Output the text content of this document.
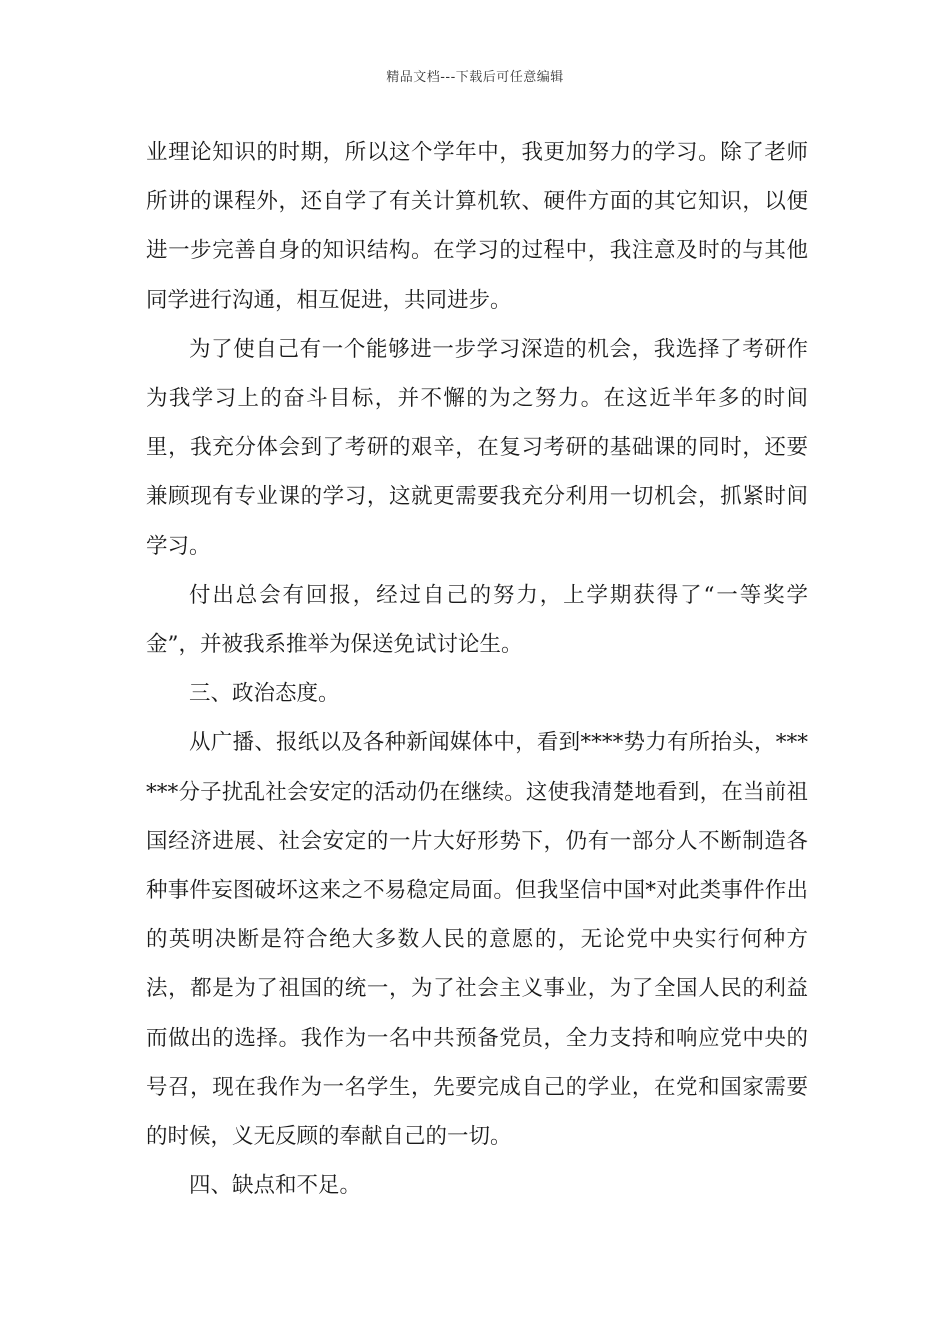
精品文档---下载后可任意编辑

业理论知识的时期，所以这个学年中，我更加努力的学习。除了老师所讲的课程外，还自学了有关计算机软、硬件方面的其它知识，以便进一步完善自身的知识结构。在学习的过程中，我注意及时的与其他同学进行沟通，相互促进，共同进步。

为了使自己有一个能够进一步学习深造的机会，我选择了考研作为我学习上的奋斗目标，并不懈的为之努力。在这近半年多的时间里，我充分体会到了考研的艰辛，在复习考研的基础课的同时，还要兼顾现有专业课的学习，这就更需要我充分利用一切机会，抓紧时间学习。

付出总会有回报，经过自己的努力，上学期获得了“一等奖学金”，并被我系推举为保送免试讨论生。

三、政治态度。

从广播、报纸以及各种新闻媒体中，看到****势力有所抬头，******分子扰乱社会安定的活动仍在继续。这使我清楚地看到，在当前祖国经济进展、社会安定的一片大好形势下，仍有一部分人不断制造各种事件妄图破坏这来之不易稳定局面。但我坚信中国*对此类事件作出的英明决断是符合绝大多数人民的意愿的，无论党中央实行何种方法，都是为了祖国的统一，为了社会主义事业，为了全国人民的利益而做出的选择。我作为一名中共预备党员，全力支持和响应党中央的号召，现在我作为一名学生，先要完成自己的学业，在党和国家需要的时候，义无反顾的奉献自己的一切。

四、缺点和不足。
